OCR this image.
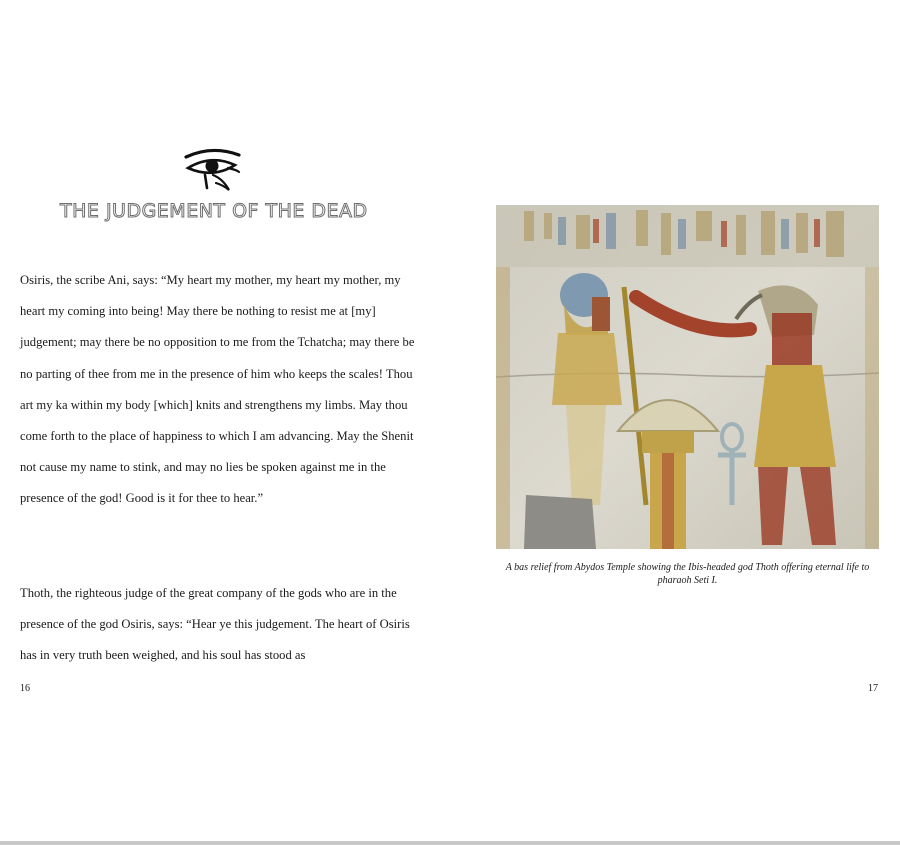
THE JUDGEMENT OF THE DEAD

Osiris, the scribe Ani, says: “My heart my mother, my heart my mother, my heart my coming into being! May there be nothing to resist me at [my] judgement; may there be no opposition to me from the Tchatcha; may there be no parting of thee from me in the presence of him who keeps the scales! Thou art my ka within my body [which] knits and strengthens my limbs. May thou come forth to the place of happiness to which I am advancing. May the Shenit not cause my name to stink, and may no lies be spoken against me in the presence of the god! Good is it for thee to hear.”

Thoth, the righteous judge of the great company of the gods who are in the presence of the god Osiris, says: “Hear ye this judgement. The heart of Osiris has in very truth been weighed, and his soul has stood as

16

A bas relief from Abydos Temple showing the Ibis-headed god Thoth offering eternal life to pharaoh Seti I.

17
